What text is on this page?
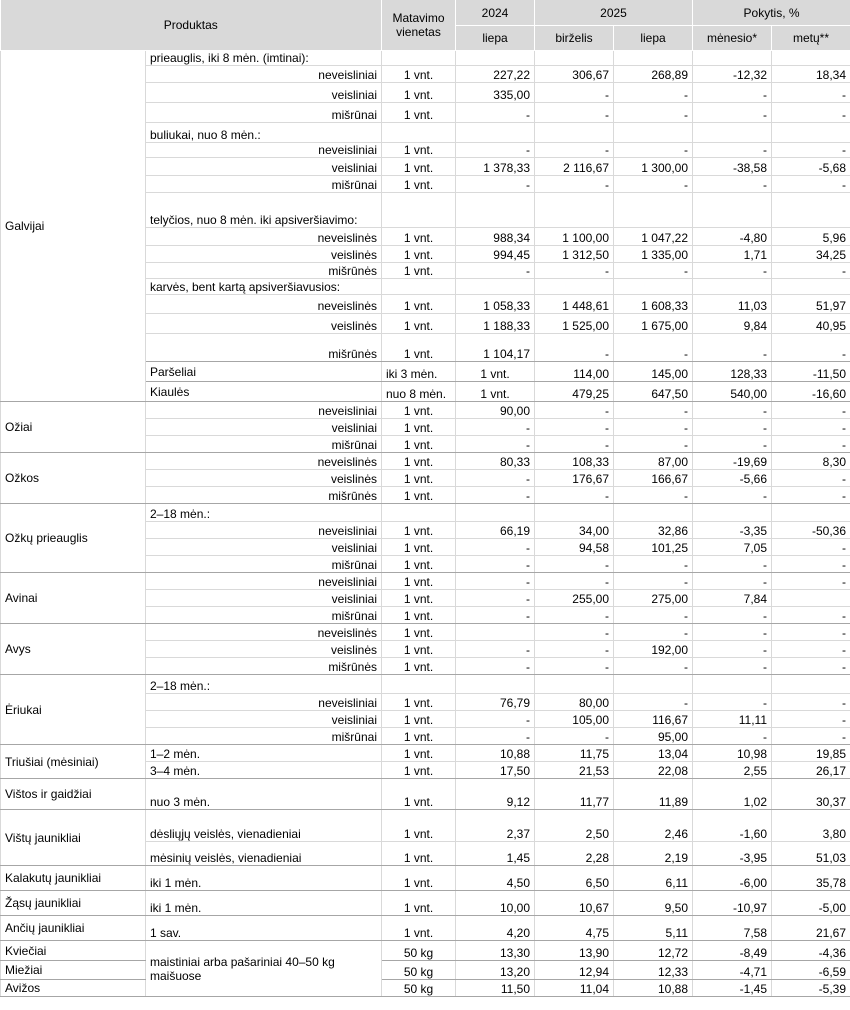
Produktas		Matavimo vienetas	2024	2025		Pokytis, %		
			liepa	birželis	liepa	mėnesio*	metų**	
Galvijai	prieauglis, iki 8 mėn. (imtinai):							
	neveisliniai	1 vnt.	227,22	306,67	268,89	-12,32	18,34	
	veisliniai	1 vnt.	335,00	-	-	-	-	
	mišrūnai	1 vnt.	-	-	-	-	-	
	buliukai, nuo 8 mėn.:							
	neveisliniai	1 vnt.	-	-	-	-	-	
	veisliniai	1 vnt.	1 378,33	2 116,67	1 300,00	-38,58	-5,68	
	mišrūnai	1 vnt.	-	-	-	-	-	
	telyčios, nuo 8 mėn. iki apsiveršiavimo:							
	neveislinės	1 vnt.	988,34	1 100,00	1 047,22	-4,80	5,96	
	veislinės	1 vnt.	994,45	1 312,50	1 335,00	1,71	34,25	
	mišrūnės	1 vnt.	-	-	-	-	-	
	karvės, bent kartą apsiveršiavusios:							
	neveislinės	1 vnt.	1 058,33	1 448,61	1 608,33	11,03	51,97	
	veislinės	1 vnt.	1 188,33	1 525,00	1 675,00	9,84	40,95	
	mišrūnės	1 vnt.	1 104,17	-	-	-	-	
	Paršeliai	iki 3 mėn.	1 vnt.	114,00	145,00	128,33	-11,50	
	Kiaulės	nuo 8 mėn.	1 vnt.	479,25	647,50	540,00	-16,60	
Ožiai	neveisliniai	1 vnt.	90,00	-	-	-	-	
	veisliniai	1 vnt.	-	-	-	-	-	
	mišrūnai	1 vnt.	-	-	-	-	-	
Ožkos	neveislinės	1 vnt.	80,33	108,33	87,00	-19,69	8,30	
	veislinės	1 vnt.	-	176,67	166,67	-5,66	-	
	mišrūnės	1 vnt.	-	-	-	-	-	
Ožkų prieauglis	2–18 mėn.:							
	neveisliniai	1 vnt.	66,19	34,00	32,86	-3,35	-50,36	
	veisliniai	1 vnt.	-	94,58	101,25	7,05	-	
	mišrūnai	1 vnt.	-	-	-	-	-	
Avinai	neveisliniai	1 vnt.	-	-	-	-	-	
	veisliniai	1 vnt.	-	255,00	275,00	7,84		
	mišrūnai	1 vnt.	-	-	-	-	-	
Avys	neveislinės	1 vnt.		-	-	-	-	
	veislinės	1 vnt.	-	-	192,00	-	-	
	mišrūnės	1 vnt.	-	-	-	-	-	
Ėriukai	2–18 mėn.:							
	neveisliniai	1 vnt.	76,79	80,00	-	-	-	
	veisliniai	1 vnt.	-	105,00	116,67	11,11	-	
	mišrūnai	1 vnt.	-	-	95,00	-	-	
Triušiai (mėsiniai)	1–2 mėn.	1 vnt.	10,88	11,75	13,04	10,98	19,85	
	3–4 mėn.	1 vnt.	17,50	21,53	22,08	2,55	26,17	
Vištos ir gaidžiai	nuo 3 mėn.	1 vnt.	9,12	11,77	11,89	1,02	30,37	
Vištų jaunikliai	dėsliųjų veislės, vienadieniai	1 vnt.	2,37	2,50	2,46	-1,60	3,80	
	mėsinių veislės, vienadieniai	1 vnt.	1,45	2,28	2,19	-3,95	51,03	
Kalakutų jaunikliai	iki 1 mėn.	1 vnt.	4,50	6,50	6,11	-6,00	35,78	
Žąsų jaunikliai	iki 1 mėn.	1 vnt.	10,00	10,67	9,50	-10,97	-5,00	
Ančių jaunikliai	1 sav.	1 vnt.	4,20	4,75	5,11	7,58	21,67	
Kviečiai	maistiniai arba pašariniai 40–50 kg maišuose	50 kg	13,30	13,90	12,72	-8,49	-4,36	
Miežiai		50 kg	13,20	12,94	12,33	-4,71	-6,59	
Avižos		50 kg	11,50	11,04	10,88	-1,45	-5,39	
